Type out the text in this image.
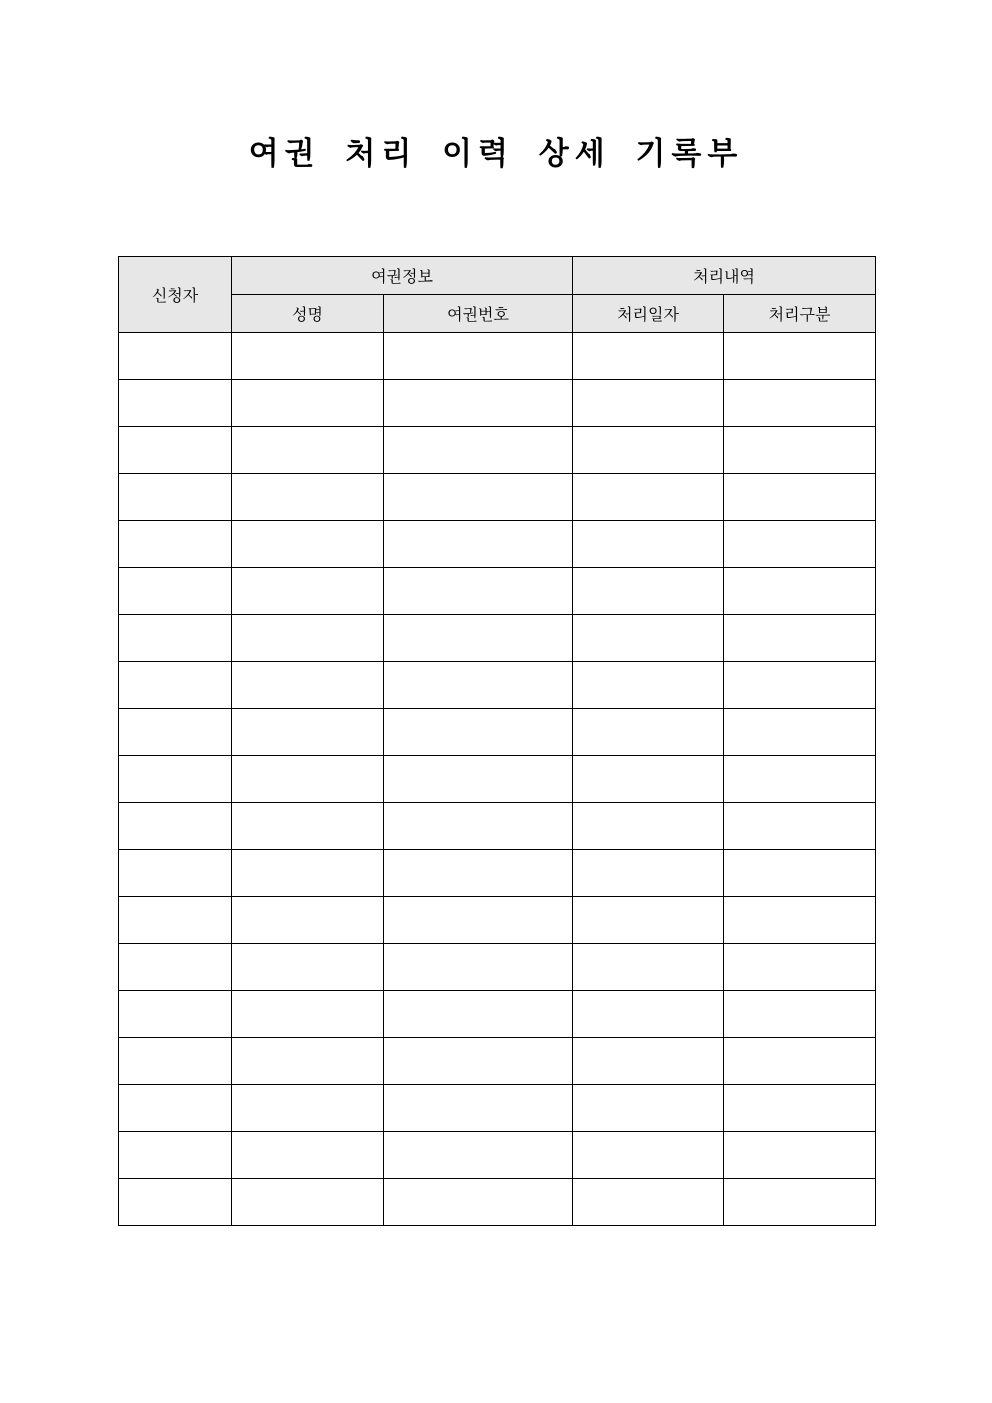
여권 처리 이력 상세 기록부
신청자	여권정보		처리내역	
	성명	여권번호	처리일자	처리구분
